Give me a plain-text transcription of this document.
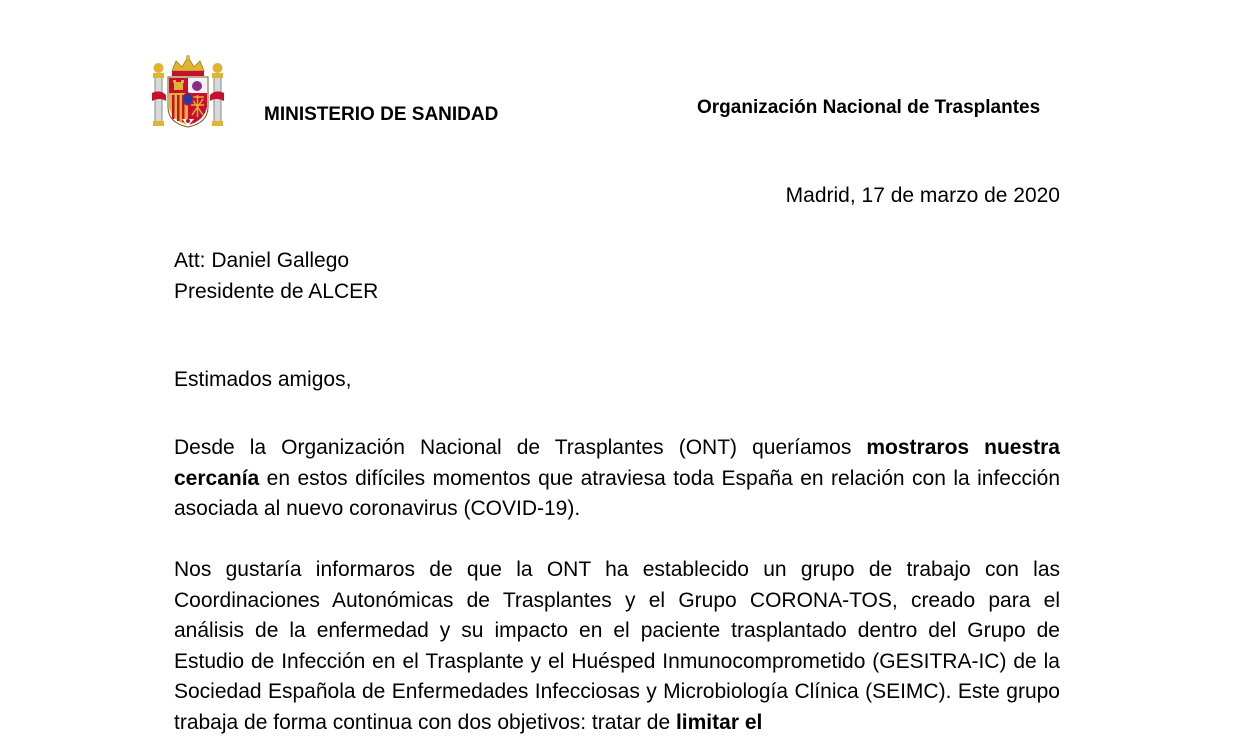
MINISTERIO DE SANIDAD	Organización Nacional de Trasplantes
Madrid, 17 de marzo de 2020
Att: Daniel Gallego
Presidente de ALCER
Estimados amigos,

Desde la Organización Nacional de Trasplantes (ONT) queríamos mostraros nuestra cercanía en estos difíciles momentos que atraviesa toda España en relación con la infección asociada al nuevo coronavirus (COVID-19).

Nos gustaría informaros de que la ONT ha establecido un grupo de trabajo con las Coordinaciones Autonómicas de Trasplantes y el Grupo CORONA-TOS, creado para el análisis de la enfermedad y su impacto en el paciente trasplantado dentro del Grupo de Estudio de Infección en el Trasplante y el Huésped Inmunocomprometido (GESITRA-IC) de la Sociedad Española de Enfermedades Infecciosas y Microbiología Clínica (SEIMC). Este grupo trabaja de forma continua con dos objetivos: tratar de limitar el
